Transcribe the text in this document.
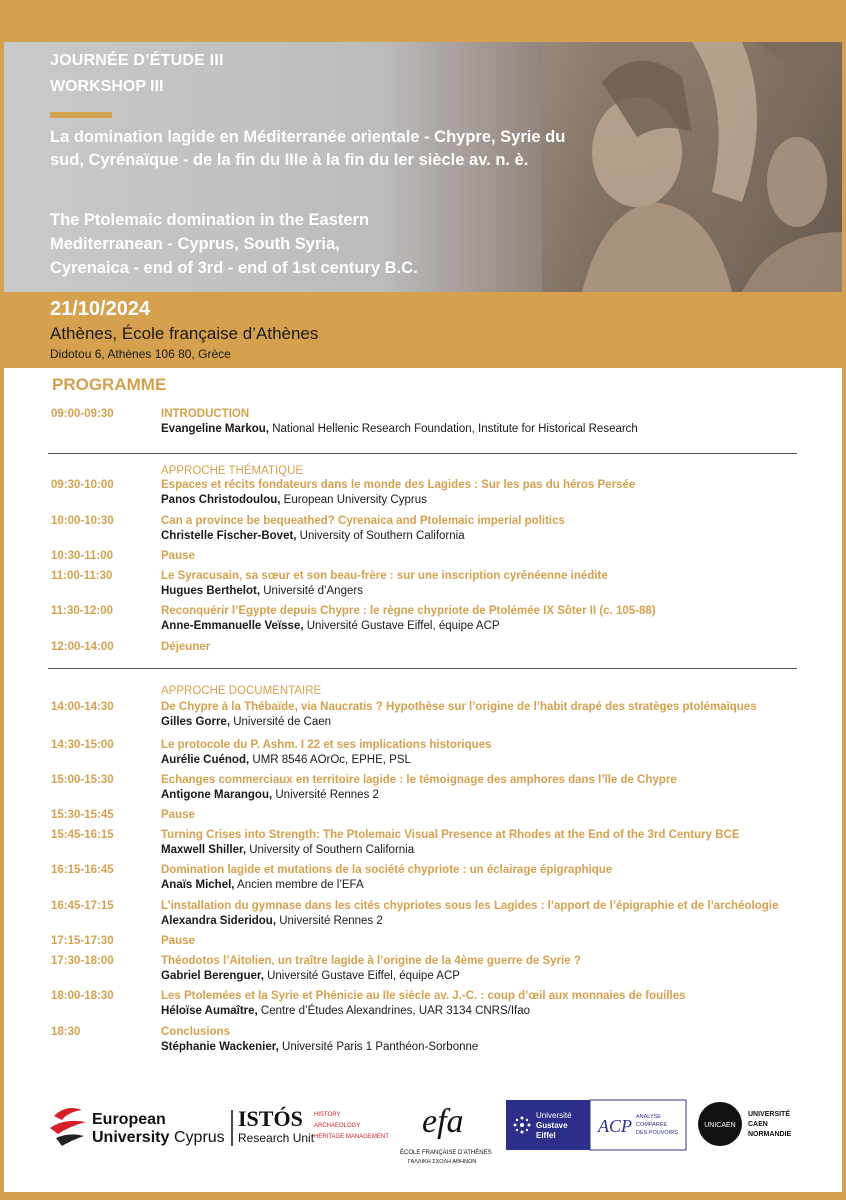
JOURNÉE D’ÉTUDE III
WORKSHOP III
La domination lagide en Méditerranée orientale - Chypre, Syrie du sud, Cyrénaïque - de la fin du IIIe à la fin du Ier siècle av. n. è.
The Ptolemaic domination in the Eastern
Mediterranean - Cyprus, South Syria,
Cyrenaica - end of 3rd - end of 1st century B.C.
21/10/2024
Athènes, École française d’Athènes
Didotou 6, Athènes 106 80, Grèce
PROGRAMME
09:00-09:30	INTRODUCTION
Evangeline Markou, National Hellenic Research Foundation, Institute for Historical Research
APPROCHE THÉMATIQUE
09:30-10:00	Espaces et récits fondateurs dans le monde des Lagides : Sur les pas du héros Persée
Panos Christodoulou, European University Cyprus
10:00-10:30	Can a province be bequeathed? Cyrenaica and Ptolemaic imperial politics
Christelle Fischer-Bovet, University of Southern California
10:30-11:00	Pause
11:00-11:30	Le Syracusain, sa sœur et son beau-frère : sur une inscription cyrénéenne inédite
Hugues Berthelot, Université d’Angers
11:30-12:00	Reconquérir l’Egypte depuis Chypre : le règne chypriote de Ptolémée IX Sôter II (c. 105-88)
Anne-Emmanuelle Veïsse, Université Gustave Eiffel, équipe ACP
12:00-14:00	Déjeuner
APPROCHE DOCUMENTAIRE
14:00-14:30	De Chypre à la Thébaïde, via Naucratis ? Hypothèse sur l’origine de l’habit drapé des stratèges ptolémaïques
Gilles Gorre, Université de Caen
14:30-15:00	Le protocole du P. Ashm. I 22 et ses implications historiques
Aurélie Cuénod, UMR 8546 AOrOc, EPHE, PSL
15:00-15:30	Echanges commerciaux en territoire lagide : le témoignage des amphores dans l’île de Chypre
Antigone Marangou, Université Rennes 2
15:30-15:45	Pause
15:45-16:15	Turning Crises into Strength: The Ptolemaic Visual Presence at Rhodes at the End of the 3rd Century BCE
Maxwell Shiller, University of Southern California
16:15-16:45	Domination lagide et mutations de la société chypriote : un éclairage épigraphique
Anaïs Michel, Ancien membre de l’EFA
16:45-17:15	L’installation du gymnase dans les cités chypriotes sous les Lagides : l’apport de l’épigraphie et de l’archéologie
Alexandra Sideridou, Université Rennes 2
17:15-17:30	Pause
17:30-18:00	Théodotos l’Aitolien, un traître lagide à l’origine de la 4ème guerre de Syrie ?
Gabriel Berenguer, Université Gustave Eiffel, équipe ACP
18:00-18:30	Les Ptolemées et la Syrie et Phénicie au IIe siècle av. J.-C. : coup d’œil aux monnaies de fouilles
Héloïse Aumaître, Centre d’Études Alexandrines, UAR 3134 CNRS/Ifao
18:30	Conclusions
Stéphanie Wackenier, Université Paris 1 Panthéon-Sorbonne
European
University Cyprus
ISTÓS
Research Unit
HISTORY
ARCHAEOLOGY
HERITAGE MANAGEMENT efa
ÉCOLE FRANÇAISE D’ATHÈNES
ΓΑΛΛΙΚΗ ΣΧΟΛΗ ΑΘΗΝΩΝ
Université
Gustave
Eiffel ACP ANALYSE
COMPARÉE
DES POUVOIRS
UNICAEN
UNIVERSITÉ
CAEN
NORMANDIE
